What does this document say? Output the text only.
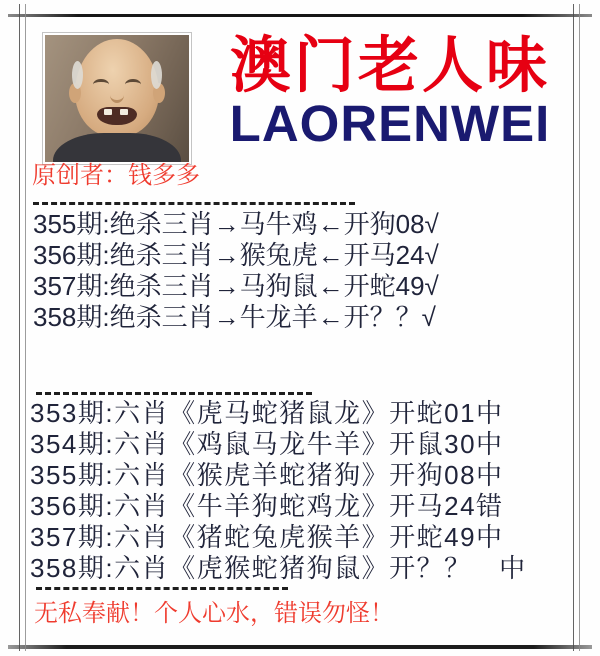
澳门老人味
LAORENWEI
原创者：钱多多
355期:绝杀三肖→马牛鸡←开狗08√
356期:绝杀三肖→猴兔虎←开马24√
357期:绝杀三肖→马狗鼠←开蛇49√
358期:绝杀三肖→牛龙羊←开？？√
353期:六肖《虎马蛇猪鼠龙》开蛇01中
354期:六肖《鸡鼠马龙牛羊》开鼠30中
355期:六肖《猴虎羊蛇猪狗》开狗08中
356期:六肖《牛羊狗蛇鸡龙》开马24错
357期:六肖《猪蛇兔虎猴羊》开蛇49中
358期:六肖《虎猴蛇猪狗鼠》开？？　中
无私奉献！个人心水，错误勿怪！
